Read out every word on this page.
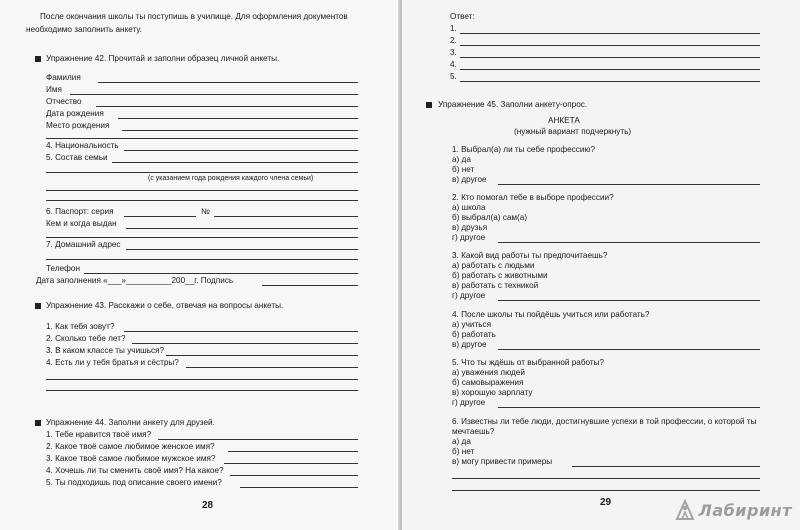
После окончания школы ты поступишь в училище. Для оформления документов
необходимо заполнить анкету.
Упражнение 42. Прочитай и заполни образец личной анкеты.
Фамилия
Имя
Отчество
Дата рождения
Место рождения
4. Национальность
5. Состав семьи
(с указанием года рождения каждого члена семьи)
6. Паспорт: серия	№
Кем и когда выдан
7. Домашний адрес
Телефон
Дата заполнения «___»__________200__г. Подпись
Упражнение 43. Расскажи о себе, отвечая на вопросы анкеты.
1. Как тебя зовут?
2. Сколько тебе лет?
3. В каком классе ты учишься?
4. Есть ли у тебя братья и сёстры?
Упражнение 44. Заполни анкету для друзей.
1. Тебе нравится твоё имя?
2. Какое твоё самое любимое женское имя?
3. Какое твоё самое любимое мужское имя?
4. Хочешь ли ты сменить своё имя? На какое?
5. Ты подходишь под описание своего имени?
28
Ответ:
1.
2.
3.
4.
5.
Упражнение 45. Заполни анкету-опрос.
АНКЕТА
(нужный вариант подчеркнуть)
1. Выбрал(а) ли ты себе профессию?
а) да
б) нет
в) другое
2. Кто помогал тебе в выборе профессии?
а) школа
б) выбрал(а) сам(а)
в) друзья
г) другое
3. Какой вид работы ты предпочитаешь?
а) работать с людьми
б) работать с животными
в) работать с техникой
г) другое
4. После школы ты пойдёшь учиться или работать?
а) учиться
б) работать
в) другое
5. Что ты ждёшь от выбранной работы?
а) уважения людей
б) самовыражения
в) хорошую зарплату
г) другое
6. Известны ли тебе люди, достигнувшие успехи в той профессии, о которой ты
мечтаешь?
а) да
б) нет
в) могу привести примеры
29	Лабиринт
